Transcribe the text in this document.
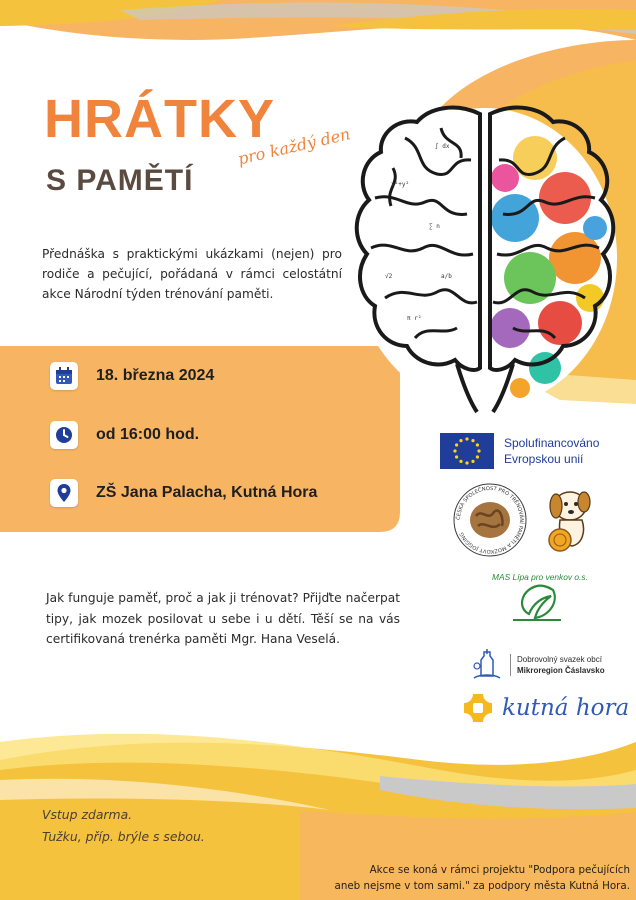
x²+y²
∑ n
√2	a/b
π r²
∫ dx
HRÁTKY
S PAMĚTÍ
pro každý den
Přednáška s praktickými ukázkami (nejen) pro rodiče a pečující, pořádaná v rámci celostátní akce Národní týden trénování paměti.
18. března 2024
od 16:00 hod.
ZŠ Jana Palacha, Kutná Hora
Jak funguje paměť, proč a jak ji trénovat? Přijďte načerpat tipy, jak mozek posilovat u sebe i u dětí. Těší se na vás certifikovaná trenérka paměti Mgr. Hana Veselá.
Spolufinancováno
Evropskou unií
ČESKÁ SPOLEČNOST PRO TRÉNOVÁNÍ PAMĚTI A MOZKOVÝ JOGGING
MAS Lípa pro venkov o.s.
Dobrovolný svazek obcí
Mikroregion Čáslavsko
kutná hora
Vstup zdarma.
Tužku, příp. brýle s sebou.
Akce se koná v rámci projektu "Podpora pečujících
aneb nejsme v tom sami." za podpory města Kutná Hora.
